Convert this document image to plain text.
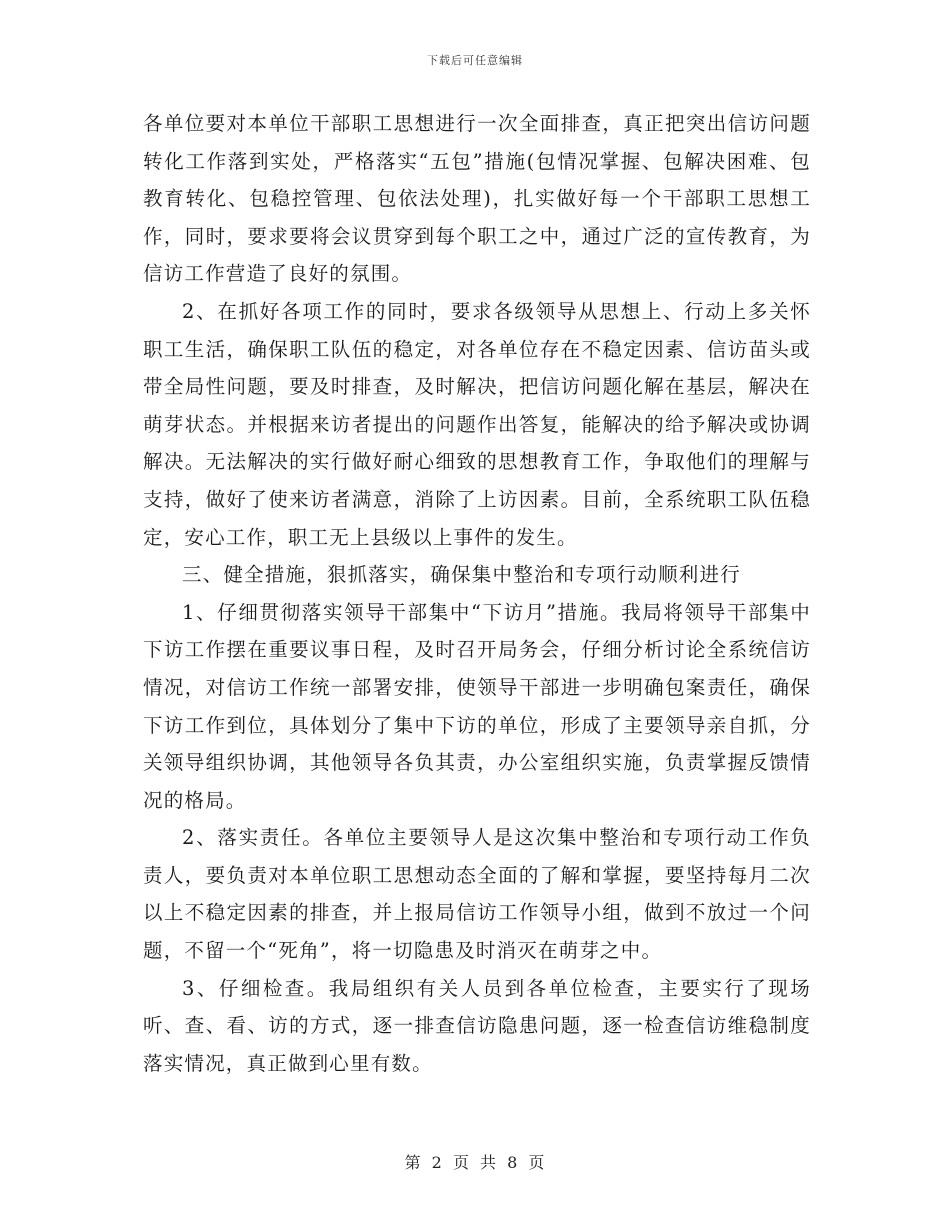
下载后可任意编辑

各单位要对本单位干部职工思想进行一次全面排查，真正把突出信访问题转化工作落到实处，严格落实“五包”措施(包情况掌握、包解决困难、包教育转化、包稳控管理、包依法处理)，扎实做好每一个干部职工思想工作，同时，要求要将会议贯穿到每个职工之中，通过广泛的宣传教育，为信访工作营造了良好的氛围。

2、在抓好各项工作的同时，要求各级领导从思想上、行动上多关怀职工生活，确保职工队伍的稳定，对各单位存在不稳定因素、信访苗头或带全局性问题，要及时排查，及时解决，把信访问题化解在基层，解决在萌芽状态。并根据来访者提出的问题作出答复，能解决的给予解决或协调解决。无法解决的实行做好耐心细致的思想教育工作，争取他们的理解与支持，做好了使来访者满意，消除了上访因素。目前，全系统职工队伍稳定，安心工作，职工无上县级以上事件的发生。

三、健全措施，狠抓落实，确保集中整治和专项行动顺利进行

1、仔细贯彻落实领导干部集中“下访月”措施。我局将领导干部集中下访工作摆在重要议事日程，及时召开局务会，仔细分析讨论全系统信访情况，对信访工作统一部署安排，使领导干部进一步明确包案责任，确保下访工作到位，具体划分了集中下访的单位，形成了主要领导亲自抓，分关领导组织协调，其他领导各负其责，办公室组织实施，负责掌握反馈情况的格局。

2、落实责任。各单位主要领导人是这次集中整治和专项行动工作负责人，要负责对本单位职工思想动态全面的了解和掌握，要坚持每月二次以上不稳定因素的排查，并上报局信访工作领导小组，做到不放过一个问题，不留一个“死角”，将一切隐患及时消灭在萌芽之中。

3、仔细检查。我局组织有关人员到各单位检查，主要实行了现场听、查、看、访的方式，逐一排查信访隐患问题，逐一检查信访维稳制度落实情况，真正做到心里有数。

第 2 页 共 8 页
